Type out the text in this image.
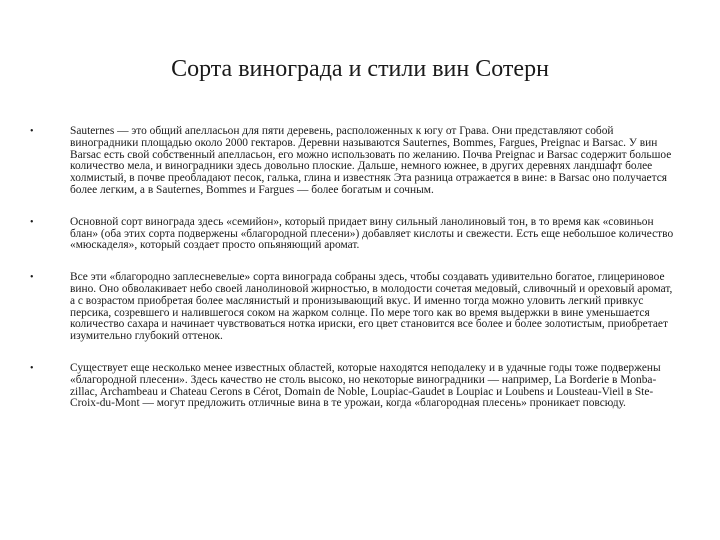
Сорта винограда и стили вин Сотерн
•	Sauternes — это общий апелласьон для пяти деревень, расположенных к югу от Грава. Они представляют собой виноградники площадью около 2000 гектаров. Деревни называются Sauternes, Bommes, Fargues, Preignac и Barsac. У вин Barsac есть свой собственный апелласьон, его можно использовать по желанию. Почва Preignac и Barsac содержит большое количество мела, и виноградники здесь довольно плоские. Дальше, немного южнее, в других деревнях ландшафт более холмистый, в почве преобладают песок, галька, глина и известняк Эта разница отражается в вине: в Barsac оно получается более легким, а в Sauternes, Bommes и Fargues — более богатым и сочным.
•	Основной сорт винограда здесь «семийон», который придает вину сильный ланолиновый тон, в то время как «совиньон блан» (оба этих сорта подвержены «благородной плесени») добавляет кислоты и свежести. Есть еще небольшое количество «мюскаделя», который создает просто опьяняющий аромат.
•	Все эти «благородно заплесневелые» сорта винограда собраны здесь, чтобы создавать удивительно богатое, глицериновое вино. Оно обволакивает небо своей ланолиновой жирностью, в молодости сочетая медовый, сливочный и ореховый аромат, а с возрастом приобретая более маслянистый и пронизывающий вкус. И именно тогда можно уловить легкий привкус персика, созревшего и налившегося соком на жарком солнце. По мере того как во время выдержки в вине уменьшается количество сахара и начинает чувствоваться нотка ириски, его цвет становится все более и более золотистым, приобретает изумительно глубокий оттенок.
•	Существует еще несколько менее известных областей, которые находятся неподалеку и в удачные годы тоже подвержены «благородной плесени». Здесь качество не столь высоко, но некоторые виноградники — например, La Borderie в Monba-zillac, Archambeau и Chateau Cerons в Cérot, Domain de Noble, Loupiac-Gaudet в Loupiac и Loubens и Lousteau-Vieil в Ste-Croix-du-Mont — могут предложить отличные вина в те урожаи, когда «благородная плесень» проникает повсюду.
